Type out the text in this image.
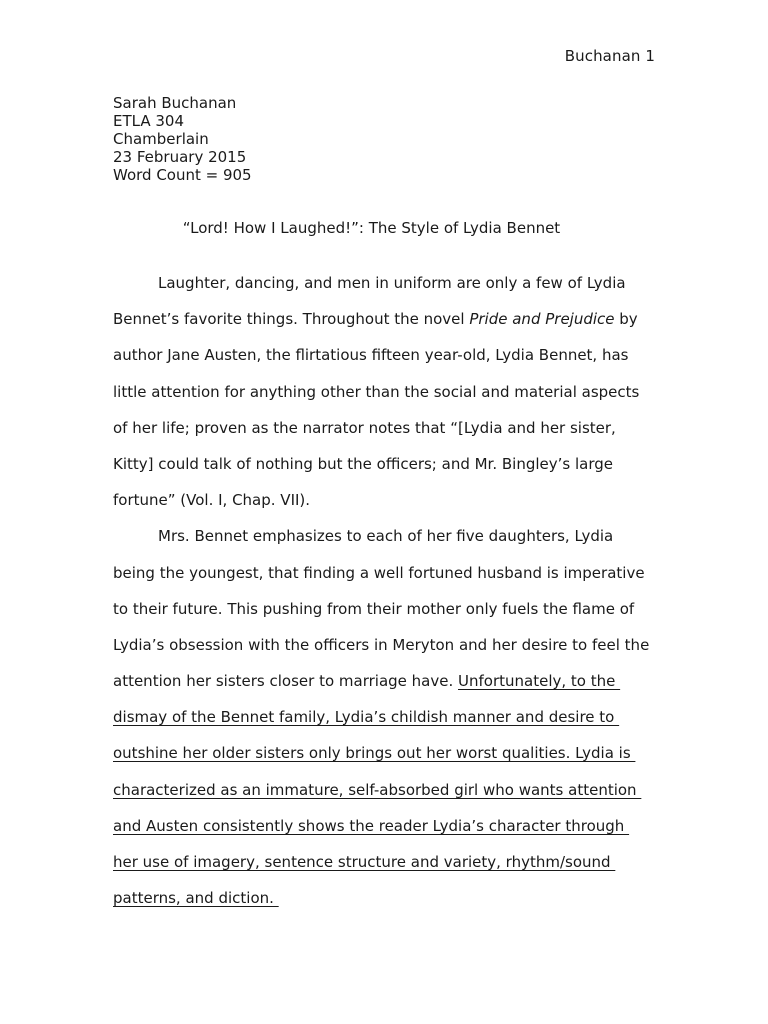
Buchanan 1
Sarah Buchanan
ETLA 304
Chamberlain
23 February 2015
Word Count = 905
“Lord! How I Laughed!”: The Style of Lydia Bennet
Laughter, dancing, and men in uniform are only a few of Lydia
Bennet’s favorite things. Throughout the novel Pride and Prejudice by
author Jane Austen, the flirtatious fifteen year-old, Lydia Bennet, has
little attention for anything other than the social and material aspects
of her life; proven as the narrator notes that “[Lydia and her sister,
Kitty] could talk of nothing but the officers; and Mr. Bingley’s large
fortune” (Vol. I, Chap. VII).
Mrs. Bennet emphasizes to each of her five daughters, Lydia
being the youngest, that finding a well fortuned husband is imperative
to their future. This pushing from their mother only fuels the flame of
Lydia’s obsession with the officers in Meryton and her desire to feel the
attention her sisters closer to marriage have. Unfortunately, to the
dismay of the Bennet family, Lydia’s childish manner and desire to
outshine her older sisters only brings out her worst qualities. Lydia is
characterized as an immature, self-absorbed girl who wants attention
and Austen consistently shows the reader Lydia’s character through
her use of imagery, sentence structure and variety, rhythm/sound
patterns, and diction.
